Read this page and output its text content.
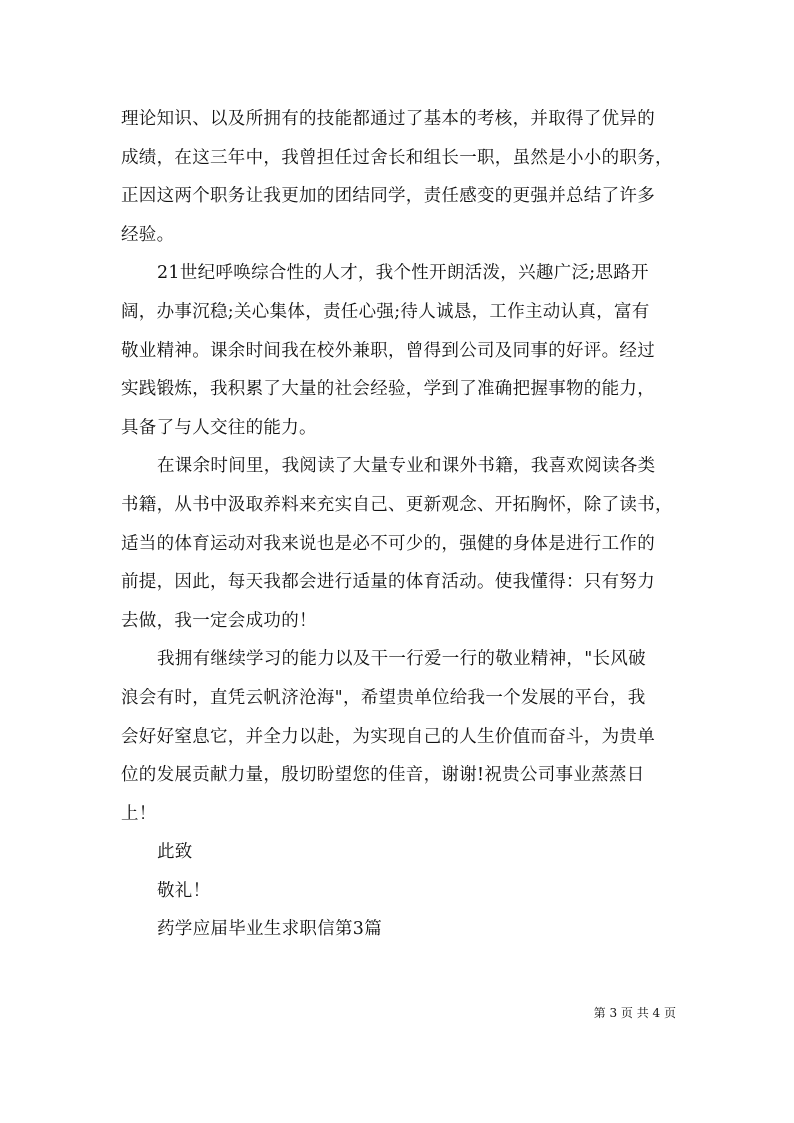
理论知识、以及所拥有的技能都通过了基本的考核，并取得了优异的
成绩，在这三年中，我曾担任过舍长和组长一职，虽然是小小的职务，
正因这两个职务让我更加的团结同学，责任感变的更强并总结了许多
经验。
21世纪呼唤综合性的人才，我个性开朗活泼，兴趣广泛;思路开
阔，办事沉稳;关心集体，责任心强;待人诚恳，工作主动认真，富有
敬业精神。课余时间我在校外兼职，曾得到公司及同事的好评。经过
实践锻炼，我积累了大量的社会经验，学到了准确把握事物的能力，
具备了与人交往的能力。
在课余时间里，我阅读了大量专业和课外书籍，我喜欢阅读各类
书籍，从书中汲取养料来充实自己、更新观念、开拓胸怀，除了读书，
适当的体育运动对我来说也是必不可少的，强健的身体是进行工作的
前提，因此，每天我都会进行适量的体育活动。使我懂得：只有努力
去做，我一定会成功的！
我拥有继续学习的能力以及干一行爱一行的敬业精神，"长风破
浪会有时，直凭云帆济沧海"，希望贵单位给我一个发展的平台，我
会好好窒息它，并全力以赴，为实现自己的人生价值而奋斗，为贵单
位的发展贡献力量，殷切盼望您的佳音，谢谢!祝贵公司事业蒸蒸日
上！
此致
敬礼！
药学应届毕业生求职信第3篇
第 3 页 共 4 页
